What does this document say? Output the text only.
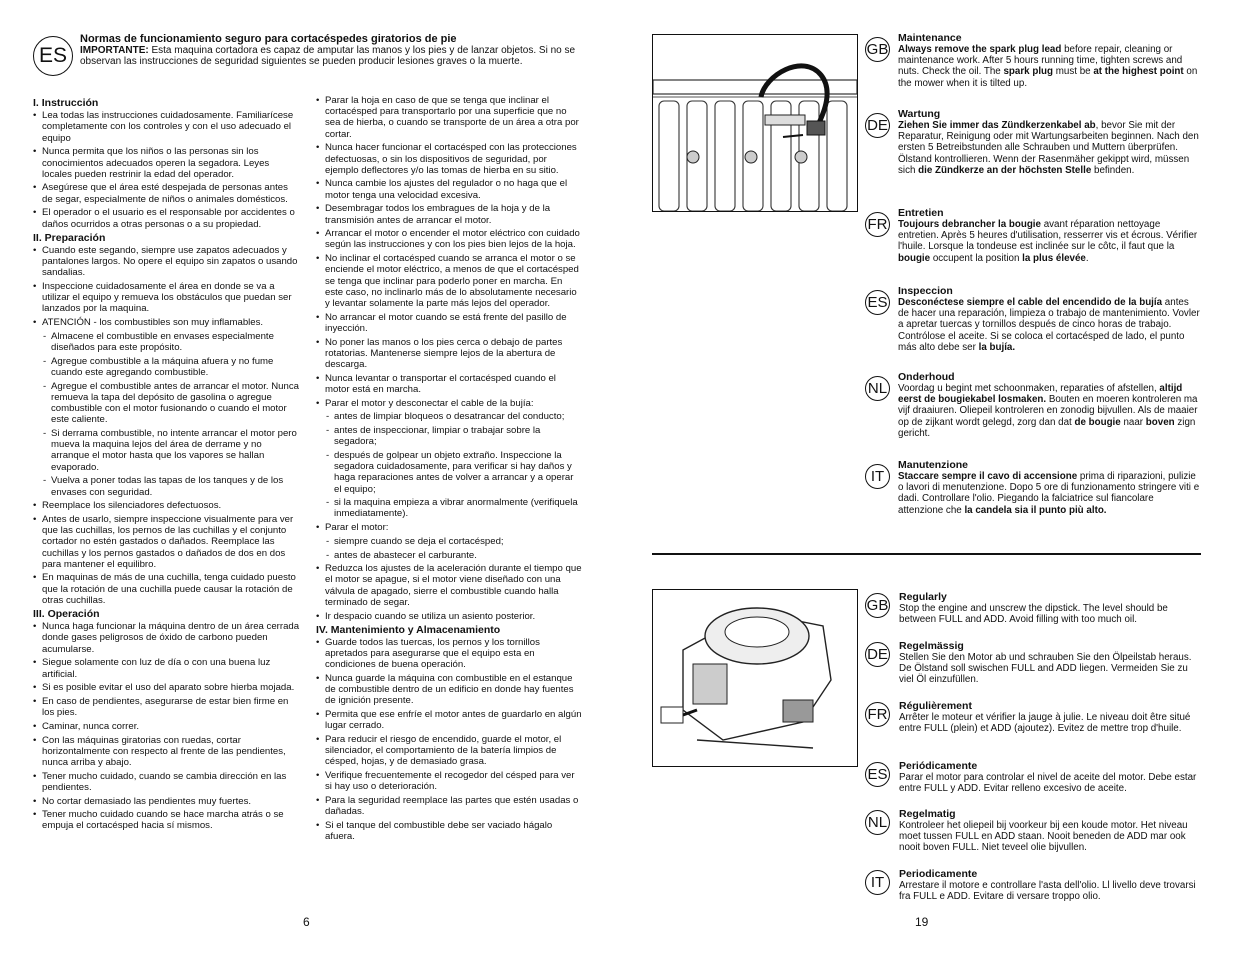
ES
Normas de funcionamiento seguro para cortacéspedes giratorios de pie
IMPORTANTE: Esta maquina cortadora es capaz de amputar las manos y los pies y de lanzar objetos. Si no se observan las instrucciones de seguridad siguientes se pueden producir lesiones graves o la muerte.
I. Instrucción
• Lea todas las instrucciones cuidadosamente. Familiarícese completamente con los controles y con el uso adecuado el equipo
• Nunca permita que los niños o las personas sin los conocimientos adecuados operen la segadora. Leyes locales pueden restrinir la edad del operador.
• Asegúrese que el área esté despejada de personas antes de segar, especialmente de niños o animales domésticos.
• El operador o el usuario es el responsable por accidentes o daños ocurridos a otras personas o a su propiedad.
II. Preparación
• Cuando este segando, siempre use zapatos adecuados y pantalones largos. No opere el equipo sin zapatos o usando sandalias.
• Inspeccione cuidadosamente el área en donde se va a utilizar el equipo y remueva los obstáculos que puedan ser lanzados por la maquina.
• ATENCIÓN - los combustibles son muy inflamables.
- Almacene el combustible en envases especialmente diseñados para este propósito.
- Agregue combustible a la máquina afuera y no fume cuando este agregando combustible.
- Agregue el combustible antes de arrancar el motor. Nunca remueva la tapa del depósito de gasolina o agregue combustible con el motor fusionando o cuando el motor este caliente.
- Si derrama combustible, no intente arrancar el motor pero mueva la maquina lejos del área de derrame y no arranque el motor hasta que los vapores se hallan evaporado.
- Vuelva a poner todas las tapas de los tanques y de los envases con seguridad.
• Reemplace los silenciadores defectuosos.
• Antes de usarlo, siempre inspeccione visualmente para ver que las cuchillas, los pernos de las cuchillas y el conjunto cortador no estén gastados o dañados. Reemplace las cuchillas y los pernos gastados o dañados de dos en dos para mantener el equilibro.
• En maquinas de más de una cuchilla, tenga cuidado puesto que la rotación de una cuchilla puede causar la rotación de otras cuchillas.
III. Operación
• Nunca haga funcionar la máquina dentro de un área cerrada donde gases peligrosos de óxido de carbono pueden acumularse.
• Siegue solamente con luz de día o con una buena luz artificial.
• Si es posible evitar el uso del aparato sobre hierba mojada.
• En caso de pendientes, asegurarse de estar bien firme en los pies.
• Caminar, nunca correr.
• Con las máquinas giratorias con ruedas, cortar horizontalmente con respecto al frente de las pendientes, nunca arriba y abajo.
• Tener mucho cuidado, cuando se cambia dirección en las pendientes.
• No cortar demasiado las pendientes muy fuertes.
• Tener mucho cuidado cuando se hace marcha atrás o se empuja el cortacésped hacia sí mismos.
• Parar la hoja en caso de que se tenga que inclinar el cortacésped para transportarlo por una superficie que no sea de hierba, o cuando se transporte de un área a otra por cortar.
• Nunca hacer funcionar el cortacésped con las protecciones defectuosas, o sin los dispositivos de seguridad, por ejemplo deflectores y/o las tomas de hierba en su sitio.
• Nunca cambie los ajustes del regulador o no haga que el motor tenga una velocidad excesiva.
• Desembragar todos los embragues de la hoja y de la transmisión antes de arrancar el motor.
• Arrancar el motor o encender el motor eléctrico con cuidado según las instrucciones y con los pies bien lejos de la hoja.
• No inclinar el cortacésped cuando se arranca el motor o se enciende el motor eléctrico, a menos de que el cortacésped se tenga que inclinar para poderlo poner en marcha. En este caso, no inclinarlo más de lo absolutamente necesario y levantar solamente la parte más lejos del operador.
• No arrancar el motor cuando se está frente del pasillo de inyección.
• No poner las manos o los pies cerca o debajo de partes rotatorias. Mantenerse siempre lejos de la abertura de descarga.
• Nunca levantar o transportar el cortacésped cuando el motor está en marcha.
• Parar el motor y desconectar el cable de la bujía:
- antes de limpiar bloqueos o desatrancar del conducto;
- antes de inspeccionar, limpiar o trabajar sobre la segadora;
- después de golpear un objeto extraño. Inspeccione la segadora cuidadosamente, para verificar si hay daños y haga reparaciones antes de volver a arrancar y a operar el equipo;
- si la maquina empieza a vibrar anormalmente (verifiquela inmediatamente).
• Parar el motor:
- siempre cuando se deja el cortacésped;
- antes de abastecer el carburante.
• Reduzca los ajustes de la aceleración durante el tiempo que el motor se apague, si el motor viene diseñado con una válvula de apagado, sierre el combustible cuando halla terminado de segar.
• Ir despacio cuando se utiliza un asiento posterior.
IV. Mantenimiento y Almacenamiento
• Guarde todos las tuercas, los pernos y los tornillos apretados para asegurarse que el equipo esta en condiciones de buena operación.
• Nunca guarde la máquina con combustible en el estanque de combustible dentro de un edificio en donde hay fuentes de ignición presente.
• Permita que ese enfríe el motor antes de guardarlo en algún lugar cerrado.
• Para reducir el riesgo de encendido, guarde el motor, el silenciador, el comportamiento de la batería limpios de césped, hojas, y de demasiado grasa.
• Verifique frecuentemente el recogedor del césped para ver si hay uso o deterioración.
• Para la seguridad reemplace las partes que estén usadas o dañadas.
• Si el tanque del combustible debe ser vaciado hágalo afuera.
6
GB
Maintenance
Always remove the spark plug lead before repair, cleaning or maintenance work. After 5 hours running time, tighten screws and nuts. Check the oil. The spark plug must be at the highest point on the mower when it is tilted up.
DE
Wartung
Ziehen Sie immer das Zündkerzenkabel ab, bevor Sie mit der Reparatur, Reinigung oder mit Wartungsarbeiten beginnen. Nach den ersten 5 Betreibstunden alle Schrauben und Muttern überprüfen. Ölstand kontrollieren. Wenn der Rasenmäher gekippt wird, müssen sich die Zündkerze an der höchsten Stelle befinden.
FR
Entretien
Toujours debrancher la bougie avant réparation nettoyage entretien. Après 5 heures d'utilisation, resserrer vis et écrous. Vérifier l'huile. Lorsque la tondeuse est inclinée sur le côtc, il faut que la bougie occupent la position la plus élevée.
ES
Inspeccion
Desconéctese siempre el cable del encendido de la bujía antes de hacer una reparación, limpieza o trabajo de mantenimiento. Vovler a apretar tuercas y tornillos después de cinco horas de trabajo. Contrólose el aceite. Si se coloca el cortacésped de lado, el punto más alto debe ser la bujía.
NL
Onderhoud
Voordag u begint met schoonmaken, reparaties of afstellen, altijd eerst de bougiekabel losmaken. Bouten en moeren kontroleren ma vijf draaiuren. Oliepeil kontroleren en zonodig bijvullen. Als de maaier op de zijkant wordt gelegd, zorg dan dat de bougie naar boven zign gericht.
IT
Manutenzione
Staccare sempre il cavo di accensione prima di riparazioni, pulizie o lavori di menutenzione. Dopo 5 ore di funzionamento stringere viti e dadi. Controllare l'olio. Piegando la falciatrice sul fiancolare attenzione che la candela sia il punto più alto.
GB Regularly
Stop the engine and unscrew the dipstick. The level should be between FULL and ADD. Avoid filling with too much oil.
DE Regelmässig
Stellen Sie den Motor ab und schrauben Sie den Ölpeilstab heraus. De Ölstand soll swischen FULL and ADD liegen. Vermeiden Sie zu viel Öl einzufüllen.
FR Régulièrement
Arrêter le moteur et vérifier la jauge à julie. Le niveau doit être situé entre FULL (plein) et ADD (ajoutez). Evitez de mettre trop d'huile.
ES Periódicamente
Parar el motor para controlar el nivel de aceite del motor. Debe estar entre FULL y ADD. Evitar relleno excesivo de aceite.
NL Regelmatig
Kontroleer het oliepeil bij voorkeur bij een koude motor. Het niveau moet tussen FULL en ADD staan. Nooit beneden de ADD mar ook nooit boven FULL. Niet teveel olie bijvullen.
IT Periodicamente
Arrestare il motore e controllare l'asta dell'olio. Ll livello deve trovarsi fra FULL e ADD. Evitare di versare troppo olio.
19
